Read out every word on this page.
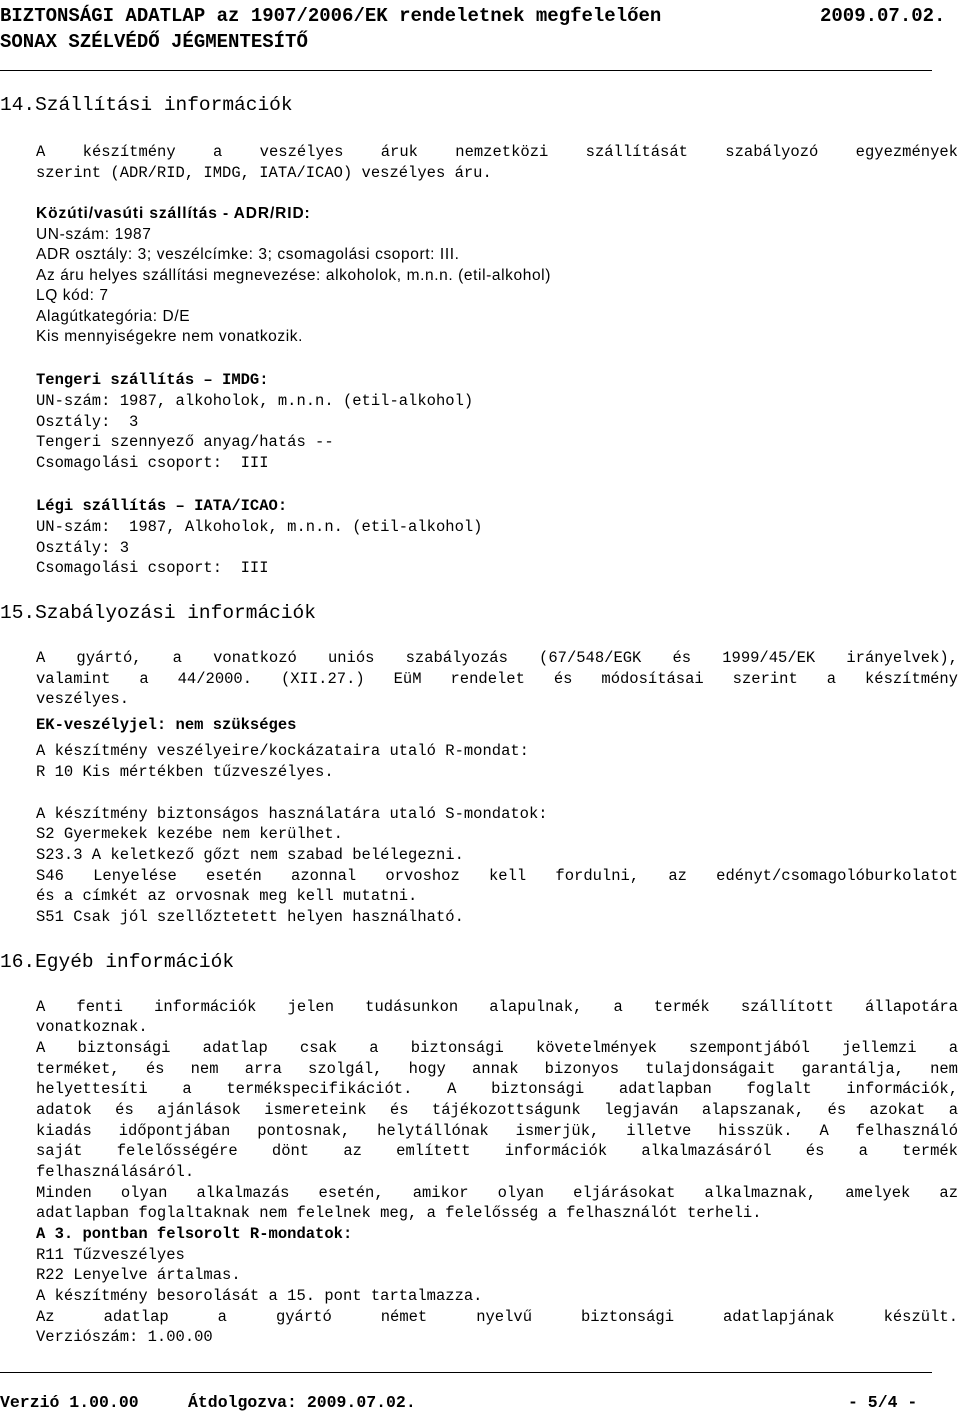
BIZTONSÁGI ADATLAP az 1907/2006/EK rendeletnek megfelelően	2009.07.02.
SONAX SZÉLVÉDŐ JÉGMENTESÍTŐ
14.Szállítási információk
A készítmény a veszélyes áruk nemzetközi szállítását szabályozó egyezmények
szerint (ADR/RID, IMDG, IATA/ICAO) veszélyes áru.
Közúti/vasúti szállítás - ADR/RID:
UN-szám: 1987
ADR osztály: 3; veszélcímke: 3; csomagolási csoport: III.
Az áru helyes szállítási megnevezése: alkoholok, m.n.n. (etil-alkohol)
LQ kód: 7
Alagútkategória: D/E
Kis mennyiségekre nem vonatkozik.
Tengeri szállítás – IMDG:
UN-szám: 1987, alkoholok, m.n.n. (etil-alkohol)
Osztály:  3
Tengeri szennyező anyag/hatás --
Csomagolási csoport:  III
Légi szállítás – IATA/ICAO:
UN-szám:  1987, Alkoholok, m.n.n. (etil-alkohol)
Osztály: 3
Csomagolási csoport:  III
15.Szabályozási információk
A gyártó, a vonatkozó uniós szabályozás (67/548/EGK és 1999/45/EK irányelvek),
valamint a 44/2000. (XII.27.) EüM rendelet és módosításai szerint a készítmény
veszélyes.
EK-veszélyjel: nem szükséges
A készítmény veszélyeire/kockázataira utaló R-mondat:
R 10 Kis mértékben tűzveszélyes.
A készítmény biztonságos használatára utaló S-mondatok:
S2 Gyermekek kezébe nem kerülhet.
S23.3 A keletkező gőzt nem szabad belélegezni.
S46 Lenyelése esetén azonnal orvoshoz kell fordulni, az edényt/csomagolóburkolatot
és a címkét az orvosnak meg kell mutatni.
S51 Csak jól szellőztetett helyen használható.
16.Egyéb információk
A fenti információk jelen tudásunkon alapulnak, a termék szállított állapotára
vonatkoznak.
A biztonsági adatlap csak a biztonsági követelmények szempontjából jellemzi a
terméket, és nem arra szolgál, hogy annak bizonyos tulajdonságait garantálja, nem
helyettesíti a termékspecifikációt. A biztonsági adatlapban foglalt információk,
adatok és ajánlások ismereteink és tájékozottságunk legjaván alapszanak, és azokat a
kiadás időpontjában pontosnak, helytállónak ismerjük, illetve hisszük. A felhasználó
saját felelősségére dönt az említett információk alkalmazásáról és a termék
felhasználásáról.
Minden olyan alkalmazás esetén, amikor olyan eljárásokat alkalmaznak, amelyek az
adatlapban foglaltaknak nem felelnek meg, a felelősség a felhasználót terheli.
A 3. pontban felsorolt R-mondatok:
R11 Tűzveszélyes
R22 Lenyelve ártalmas.
A készítmény besorolását a 15. pont tartalmazza.
Az adatlap a gyártó német nyelvű biztonsági adatlapjának készült.
Verziószám: 1.00.00
Verzió 1.00.00	Átdolgozva: 2009.07.02.	- 5/4 -
